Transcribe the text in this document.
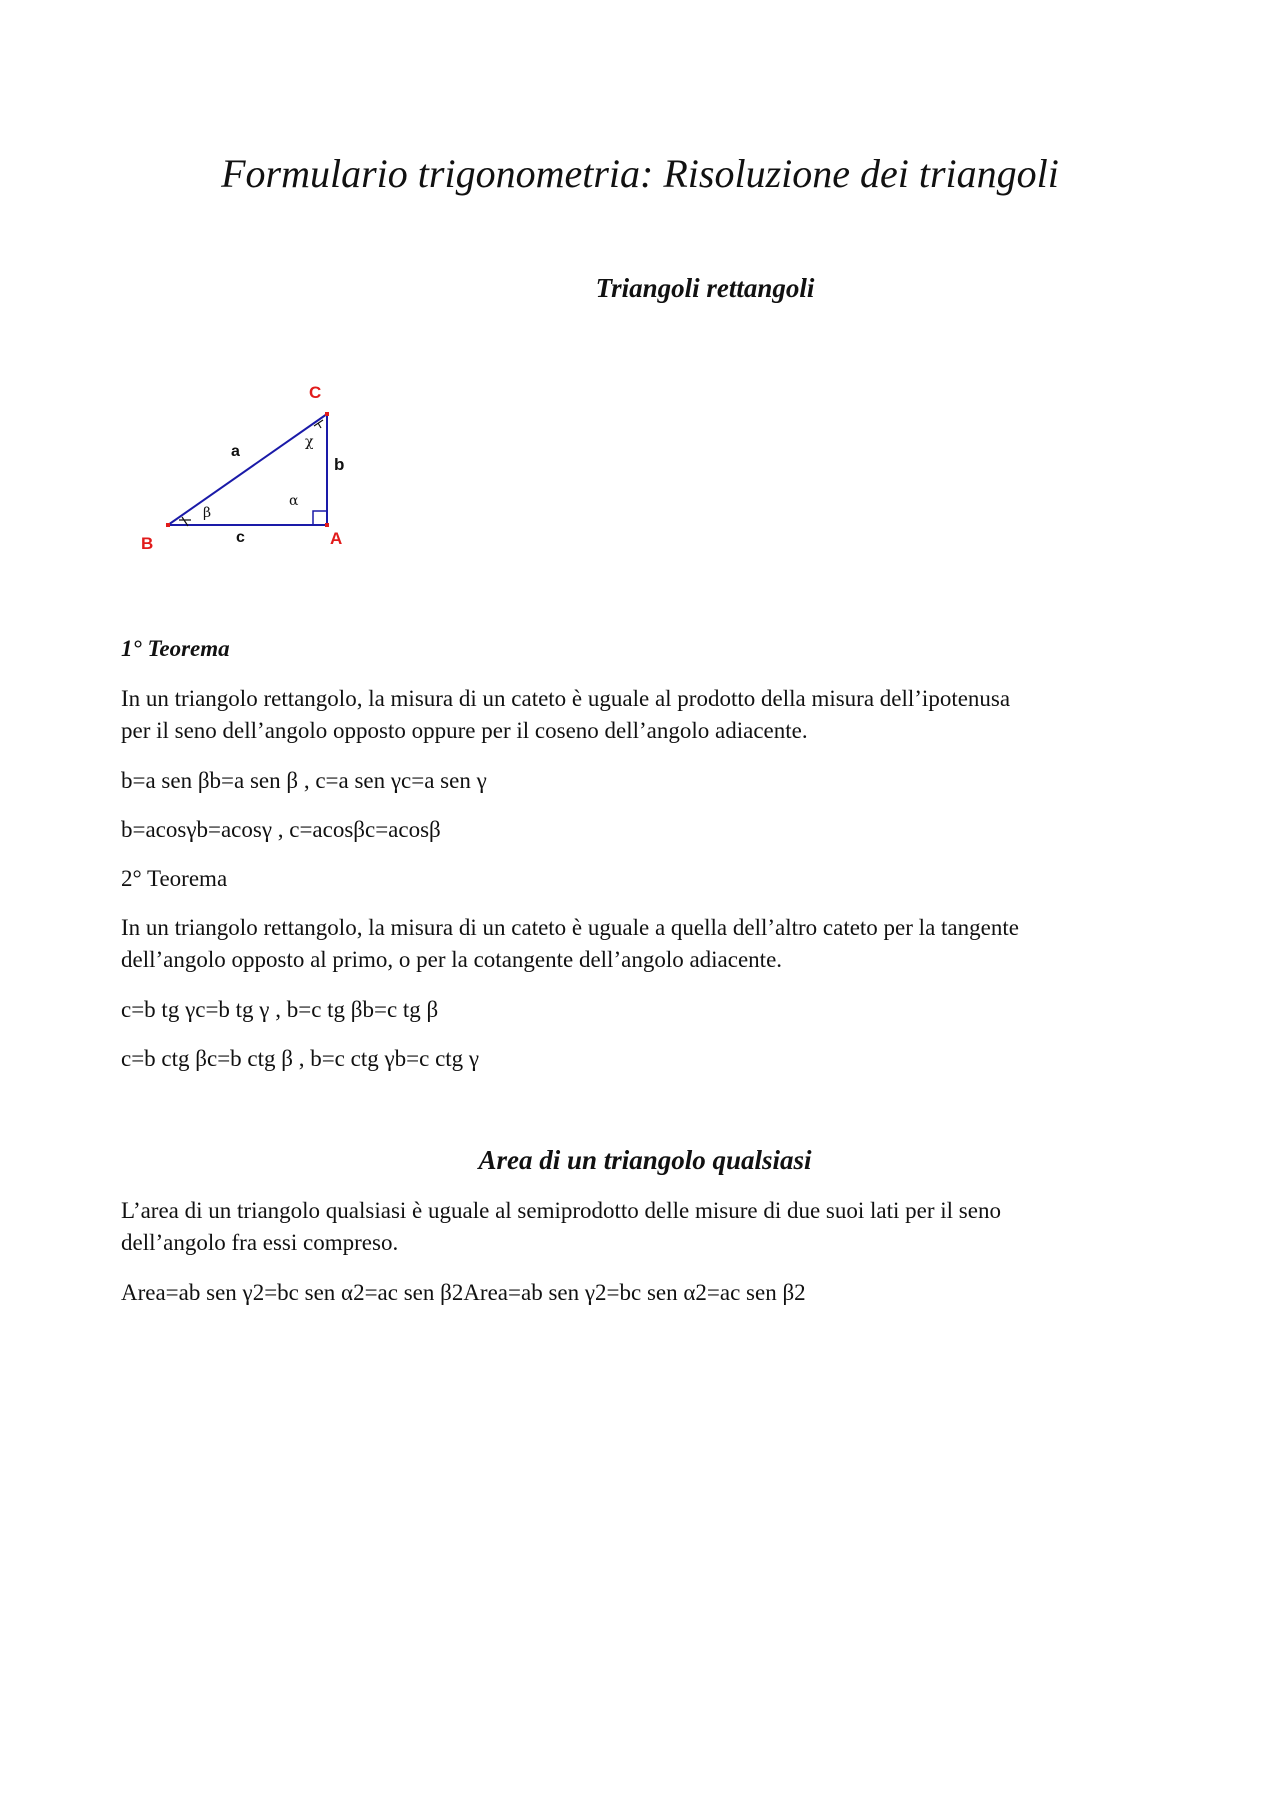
Formulario trigonometria: Risoluzione dei triangoli
Triangoli rettangoli
C
B	A
a
b
c
α
β
χ

1° Teorema

In un triangolo rettangolo, la misura di un cateto è uguale al prodotto della misura dell’ipotenusa

per il seno dell’angolo opposto oppure per il coseno dell’angolo adiacente.

b=a sen βb=a sen β , c=a sen γc=a sen γ

b=acosγb=acosγ , c=acosβc=acosβ

2° Teorema

In un triangolo rettangolo, la misura di un cateto è uguale a quella dell’altro cateto per la tangente

dell’angolo opposto al primo, o per la cotangente dell’angolo adiacente.

c=b tg γc=b tg γ , b=c tg βb=c tg β

c=b ctg βc=b ctg β , b=c ctg γb=c ctg γ

Area di un triangolo qualsiasi

L’area di un triangolo qualsiasi è uguale al semiprodotto delle misure di due suoi lati per il seno

dell’angolo fra essi compreso.

Area=ab sen γ2=bc sen α2=ac sen β2Area=ab sen γ2=bc sen α2=ac sen β2
